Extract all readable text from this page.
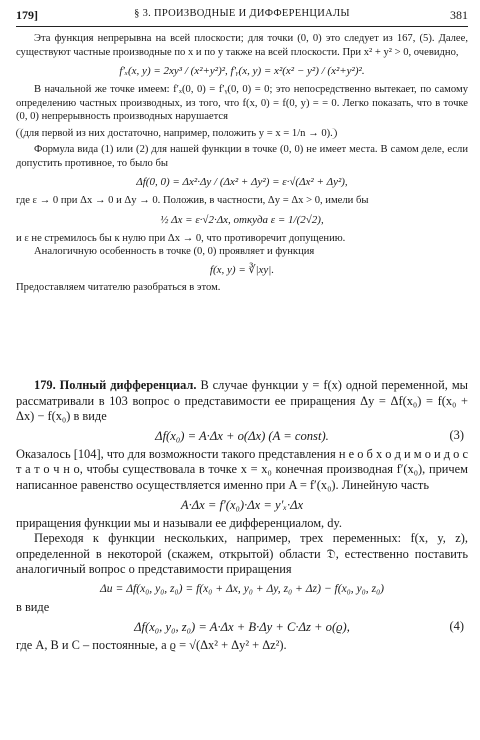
179]	§ 3. ПРОИЗВОДНЫЕ И ДИФФЕРЕНЦИАЛЫ	381

Эта функция непрерывна на всей плоскости; для точки (0, 0) это следует из 167, (5). Далее, существуют частные производные по x и по y также на всей плоскости. При x² + y² > 0, очевидно,

f′ₓ(x, y) = 2xy³ / (x²+y²)², f′ᵧ(x, y) = x²(x² − y²) / (x²+y²)².

В начальной же точке имеем: f′ₓ(0, 0) = f′ᵧ(0, 0) = 0; это непосредственно вытекает, по самому определению частных производных, из того, что f(x, 0) = f(0, y) = = 0. Легко показать, что в точке (0, 0) непрерывность производных нарушается

(для первой из них достаточно, например, положить y = x = 1/n → 0).

Формула вида (1) или (2) для нашей функции в точке (0, 0) не имеет места. В самом деле, если допустить противное, то было бы

Δf(0, 0) = Δx²·Δy / (Δx² + Δy²) = ε·√(Δx² + Δy²),

где ε → 0 при Δx → 0 и Δy → 0. Положив, в частности, Δy = Δx > 0, имели бы

½ Δx = ε·√2·Δx, откуда ε = 1/(2√2),

и ε не стремилось бы к нулю при Δx → 0, что противоречит допущению.

Аналогичную особенность в точке (0, 0) проявляет и функция

f(x, y) = ∛|xy|.

Предоставляем читателю разобраться в этом.

179. Полный дифференциал. В случае функции y = f(x) одной переменной, мы рассматривали в 103 вопрос о представимости ее приращения Δy = Δf(x₀) = f(x₀ + Δx) − f(x₀) в виде

Δf(x₀) = A·Δx + o(Δx) (A = const).	(3)

Оказалось [104], что для возможности такого представления н е о б х о д и м о и д о с т а т о ч н о, чтобы существовала в точке x = x₀ конечная производная f′(x₀), причем написанное равенство осуществляется именно при A = f′(x₀). Линейную часть

A·Δx = f′(x₀)·Δx = y′ₓ·Δx

приращения функции мы и называли ее дифференциалом, dy.

Переходя к функции нескольких, например, трех переменных: f(x, y, z), определенной в некоторой (скажем, открытой) области 𝔇, естественно поставить аналогичный вопрос о представимости приращения

Δu = Δf(x₀, y₀, z₀) = f(x₀ + Δx, y₀ + Δy, z₀ + Δz) − f(x₀, y₀, z₀)

в виде

Δf(x₀, y₀, z₀) = A·Δx + B·Δy + C·Δz + o(ϱ),	(4)

где A, B и C – постоянные, а ϱ = √(Δx² + Δy² + Δz²).
